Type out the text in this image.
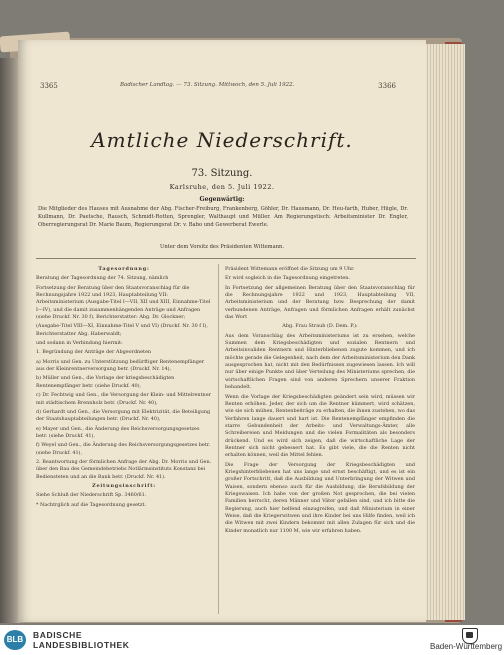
3365	Badischer Landtag. — 73. Sitzung. Mittwoch, den 5. Juli 1922.	3366
Amtliche Niederschrift.
73. Sitzung.
Karlsruhe, den 5. Juli 1922.
Gegenwärtig:
Die Mitglieder des Hauses mit Ausnahme der Abg. Fischer-Freiburg, Frankenberg, Göhler, Dr. Hausmann, Dr. Heu-farth, Huber, Hügle, Dr. Kullmann, Dr. Paetsche, Rausch, Schmidt-Rotten, Sprengler, Walthaupt und Müller. Am Regierungstisch: Arbeitsminister Dr. Engler, Oberregierungsrat Dr. Marie Baum, Regierungsrat Dr. v. Babo und Gewerberat Ewerle.
Unter dem Vorsitz des Präsidenten Wittemann.

Tagesordnung:

Beratung der Tagesordnung der 74. Sitzung, nämlich

Fortsetzung der Beratung über den Staatsvoranschlag für die Rechnungsjahre 1922 und 1923, Hauptabteilung VII: Arbeitsministerium (Ausgabe-Titel I—VII, XII und XIII, Einnahme-Titel I—IV), und die damit zusammenhängenden Anträge und Anfragen (siehe Druckf. Nr. 30 f), Berichterstatter: Abg. Dr. Glockner;

(Ausgabe-Titel VIII—XI, Einnahme-Titel V und VI) (Druckf. Nr. 30 f I), Berichterstatter Abg. Haberwaldt;

und sodann in Verbindung hiermit:

1. Begründung der Anträge der Abgeordneten

a) Morris und Gen. zu Unterstützung bedürftiger Rentenempfänger aus der Kleinrentnerversorgung betr. (Druckf. Nr. 14),

b) Müller und Gen., die Vorlage der kriegsbeschädigten Rentenempfänger betr. (siehe Druckf. 40),

c) Dr. Fechtwig und Gen., die Versorgung der Klein- und Mittelrentner mit städtischem Brennholz betr. (Druckf. Nr. 40),

d) Gerhardt und Gen., die Versorgung mit Elektrizität, die Beteiligung der Staatshauptabteilungen betr. (Druckf. Nr. 40),

e) Mayer und Gen., die Änderung des Reichsversorgungsgesetzes betr. (siehe Druckf. 41),

f) Weyel und Gen., die Änderung des Reichsversorgungsgesetzes betr. (siehe Druckf. 41),

2. Beantwortung der förmlichen Anfrage der Abg. Dr. Morris und Gen. über den Bau des Gemeindebetriebs Notlärmsinstituts Konstanz bei Bediensteten und an die Bank betr. (Druckf. Nr. 41).

Zeitungsinschrift:

Siehe Schluß der Niederschrift Sp. 3460/61.

* Nachtrglich auf die Tagesordnung gesetzt.

Präsident Wittemann eröffnet die Sitzung um 9 Uhr.

Er wird sogleich in die Tagesordnung eingetreten.

In Fortsetzung der allgemeinen Beratung über den Staatsvoranschlag für die Rechnungsjahre 1922 und 1923, Hauptabteilung VII, Arbeitsministerium und der Beratung bzw. Besprechung der damit verbundenen Anträge, Anfragen und förmlichen Anfragen erhält zunächst das Wort

Abg. Frau Straub (D. Dem. P.):

Aus dem Voranschlag des Arbeitsministeriums ist zu ersehen, welche Summen dem Kriegsbeschädigten und sozialen Rentnern und Arbeitsinvaliden Rentnern und Hinterbliebenen zugute kommen, und ich möchte gerade die Gelegenheit, nach dem der Arbeitsministerium den Dank ausgesprochen hat, nicht mit den Bedürfnissen zugewiesen lassen. Ich will nur über einige Punkte und über Verteilung des Ministeriums sprechen, die wirtschaftlichen Fragen sind von anderen Sprechern unserer Fraktion behandelt.

Wenn die Vorlage der Kriegsbeschädigten geändert sein wird, müssen wir Renten erhöhen. Jeder, der sich um die Rentner kümmert, wird schätzen, wie sie sich mühen, Rentenbeiträge zu erhalten, die ihnen zustehen, wo das Verfahren lange dauert und hart ist. Die Rentenempfänger empfinden die starre Gebundenheit der Arbeits- und Verwaltungs-Ämter, alle Schreibereien und Meldungen und die vielen Formalitäten als besonders drückend. Und es wird sich zeigen, daß die wirtschaftliche Lage der Rentner sich nicht gebessert hat. Es gibt viele, die die Renten nicht erhalten können, weil die Mittel fehlen.

Die Frage der Versorgung der Kriegsbeschädigten und Kriegshinterbliebenen hat uns lange und ernst beschäftigt, und es ist ein großer Fortschritt, daß die Ausbildung und Unterbringung der Witwen und Waisen, sondern ebenso auch für die Ausbildung, die Berufsbildung der Kriegswaisen. Ich habe von der großen Not gesprochen, die bei vielen Familien herrscht, deren Männer und Väter gefallen sind, und ich bitte die Regierung, auch hier helfend einzugreifen, und daß Ministerium in einer Weise, daß die Kriegerwitwen und ihre Kinder bei uns Hilfe finden, weil ich die Witwen mit zwei Kindern bekommt mit allen Zulagen für sich und die Kinder monatlich nur 1100 M, wie wir erfahren haben.

BLB	BADISCHE
LANDESBIBLIOTHEK	Baden-Württemberg
